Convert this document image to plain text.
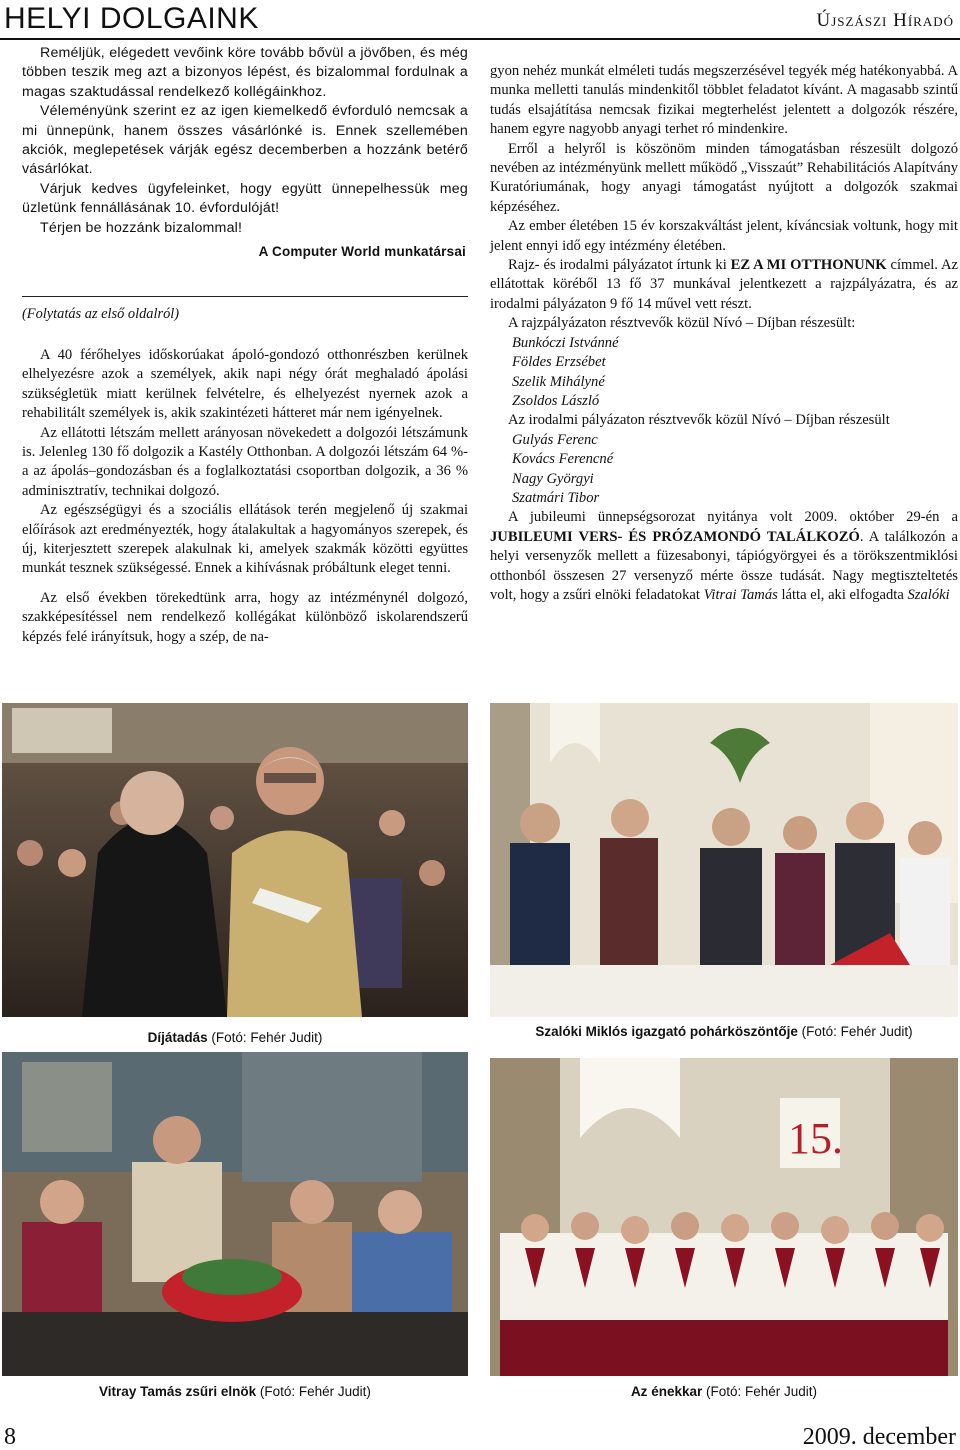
HELYI DOLGAINK	Újszászi Híradó

Reméljük, elégedett vevőink köre tovább bővül a jövőben, és még többen teszik meg azt a bizonyos lépést, és bizalommal fordulnak a magas szaktudással rendelkező kollégáinkhoz.

Véleményünk szerint ez az igen kiemelkedő évforduló nemcsak a mi ünnepünk, hanem összes vásárlónké is. Ennek szellemében akciók, meglepetések várják egész decemberben a hozzánk betérő vásárlókat.

Várjuk kedves ügyfeleinket, hogy együtt ünnepelhessük meg üzletünk fennállásának 10. évfordulóját!

Térjen be hozzánk bizalommal!

A Computer World munkatársai

(Folytatás az első oldalról)

A 40 férőhelyes időskorúakat ápoló-gondozó otthonrészben kerülnek elhelyezésre azok a személyek, akik napi négy órát meghaladó ápolási szükségletük miatt kerülnek felvételre, és elhelyezést nyernek azok a rehabilitált személyek is, akik szakintézeti hátteret már nem igényelnek.

Az ellátotti létszám mellett arányosan növekedett a dolgozói létszámunk is. Jelenleg 130 fő dolgozik a Kastély Otthonban. A dolgozói létszám 64 %-a az ápolás–gondozásban és a foglalkoztatási csoportban dolgozik, a 36 % adminisztratív, technikai dolgozó.

Az egészségügyi és a szociális ellátások terén megjelenő új szakmai előírások azt eredményezték, hogy átalakultak a hagyományos szerepek, és új, kiterjesztett szerepek alakulnak ki, amelyek szakmák közötti együttes munkát tesznek szükségessé. Ennek a kihívásnak próbáltunk eleget tenni.

Az első években törekedtünk arra, hogy az intézménynél dolgozó, szakképesítéssel nem rendelkező kollégákat különböző iskolarendszerű képzés felé irányítsuk, hogy a szép, de na-

gyon nehéz munkát elméleti tudás megszerzésével tegyék még hatékonyabbá. A munka melletti tanulás mindenkitől többlet feladatot kívánt. A magasabb szintű tudás elsajátítása nemcsak fizikai megterhelést jelentett a dolgozók részére, hanem egyre nagyobb anyagi terhet ró mindenkire.

Erről a helyről is köszönöm minden támogatásban részesült dolgozó nevében az intézményünk mellett működő „Visszaút” Rehabilitációs Alapítvány Kuratóriumának, hogy anyagi támogatást nyújtott a dolgozók szakmai képzéséhez.

Az ember életében 15 év korszakváltást jelent, kíváncsiak voltunk, hogy mit jelent ennyi idő egy intézmény életében.

Rajz- és irodalmi pályázatot írtunk ki EZ A MI OTTHONUNK címmel. Az ellátottak köréből 13 fő 37 munkával jelentkezett a rajzpályázatra, és az irodalmi pályázaton 9 fő 14 művel vett részt.

A rajzpályázaton résztvevők közül Nívó – Díjban részesült:

Bunkóczi Istvánné

Földes Erzsébet

Szelik Mihályné

Zsoldos László

Az irodalmi pályázaton résztvevők közül Nívó – Díjban részesült

Gulyás Ferenc

Kovács Ferencné

Nagy Györgyi

Szatmári Tibor

A jubileumi ünnepségsorozat nyitánya volt 2009. október 29-én a JUBILEUMI VERS- ÉS PRÓZAMONDÓ TALÁLKOZÓ. A találkozón a helyi versenyzők mellett a füzesabonyi, tápiógyörgyei és a törökszentmiklósi otthonból összesen 27 versenyző mérte össze tudását. Nagy megtiszteltetés volt, hogy a zsűri elnöki feladatokat Vitrai Tamás látta el, aki elfogadta Szalóki

Díjátadás (Fotó: Fehér Judit)	Szalóki Miklós igazgató pohárköszöntője (Fotó: Fehér Judit)
Vitray Tamás zsűri elnök (Fotó: Fehér Judit)
15.
Az énekkar (Fotó: Fehér Judit)
8	2009. december
